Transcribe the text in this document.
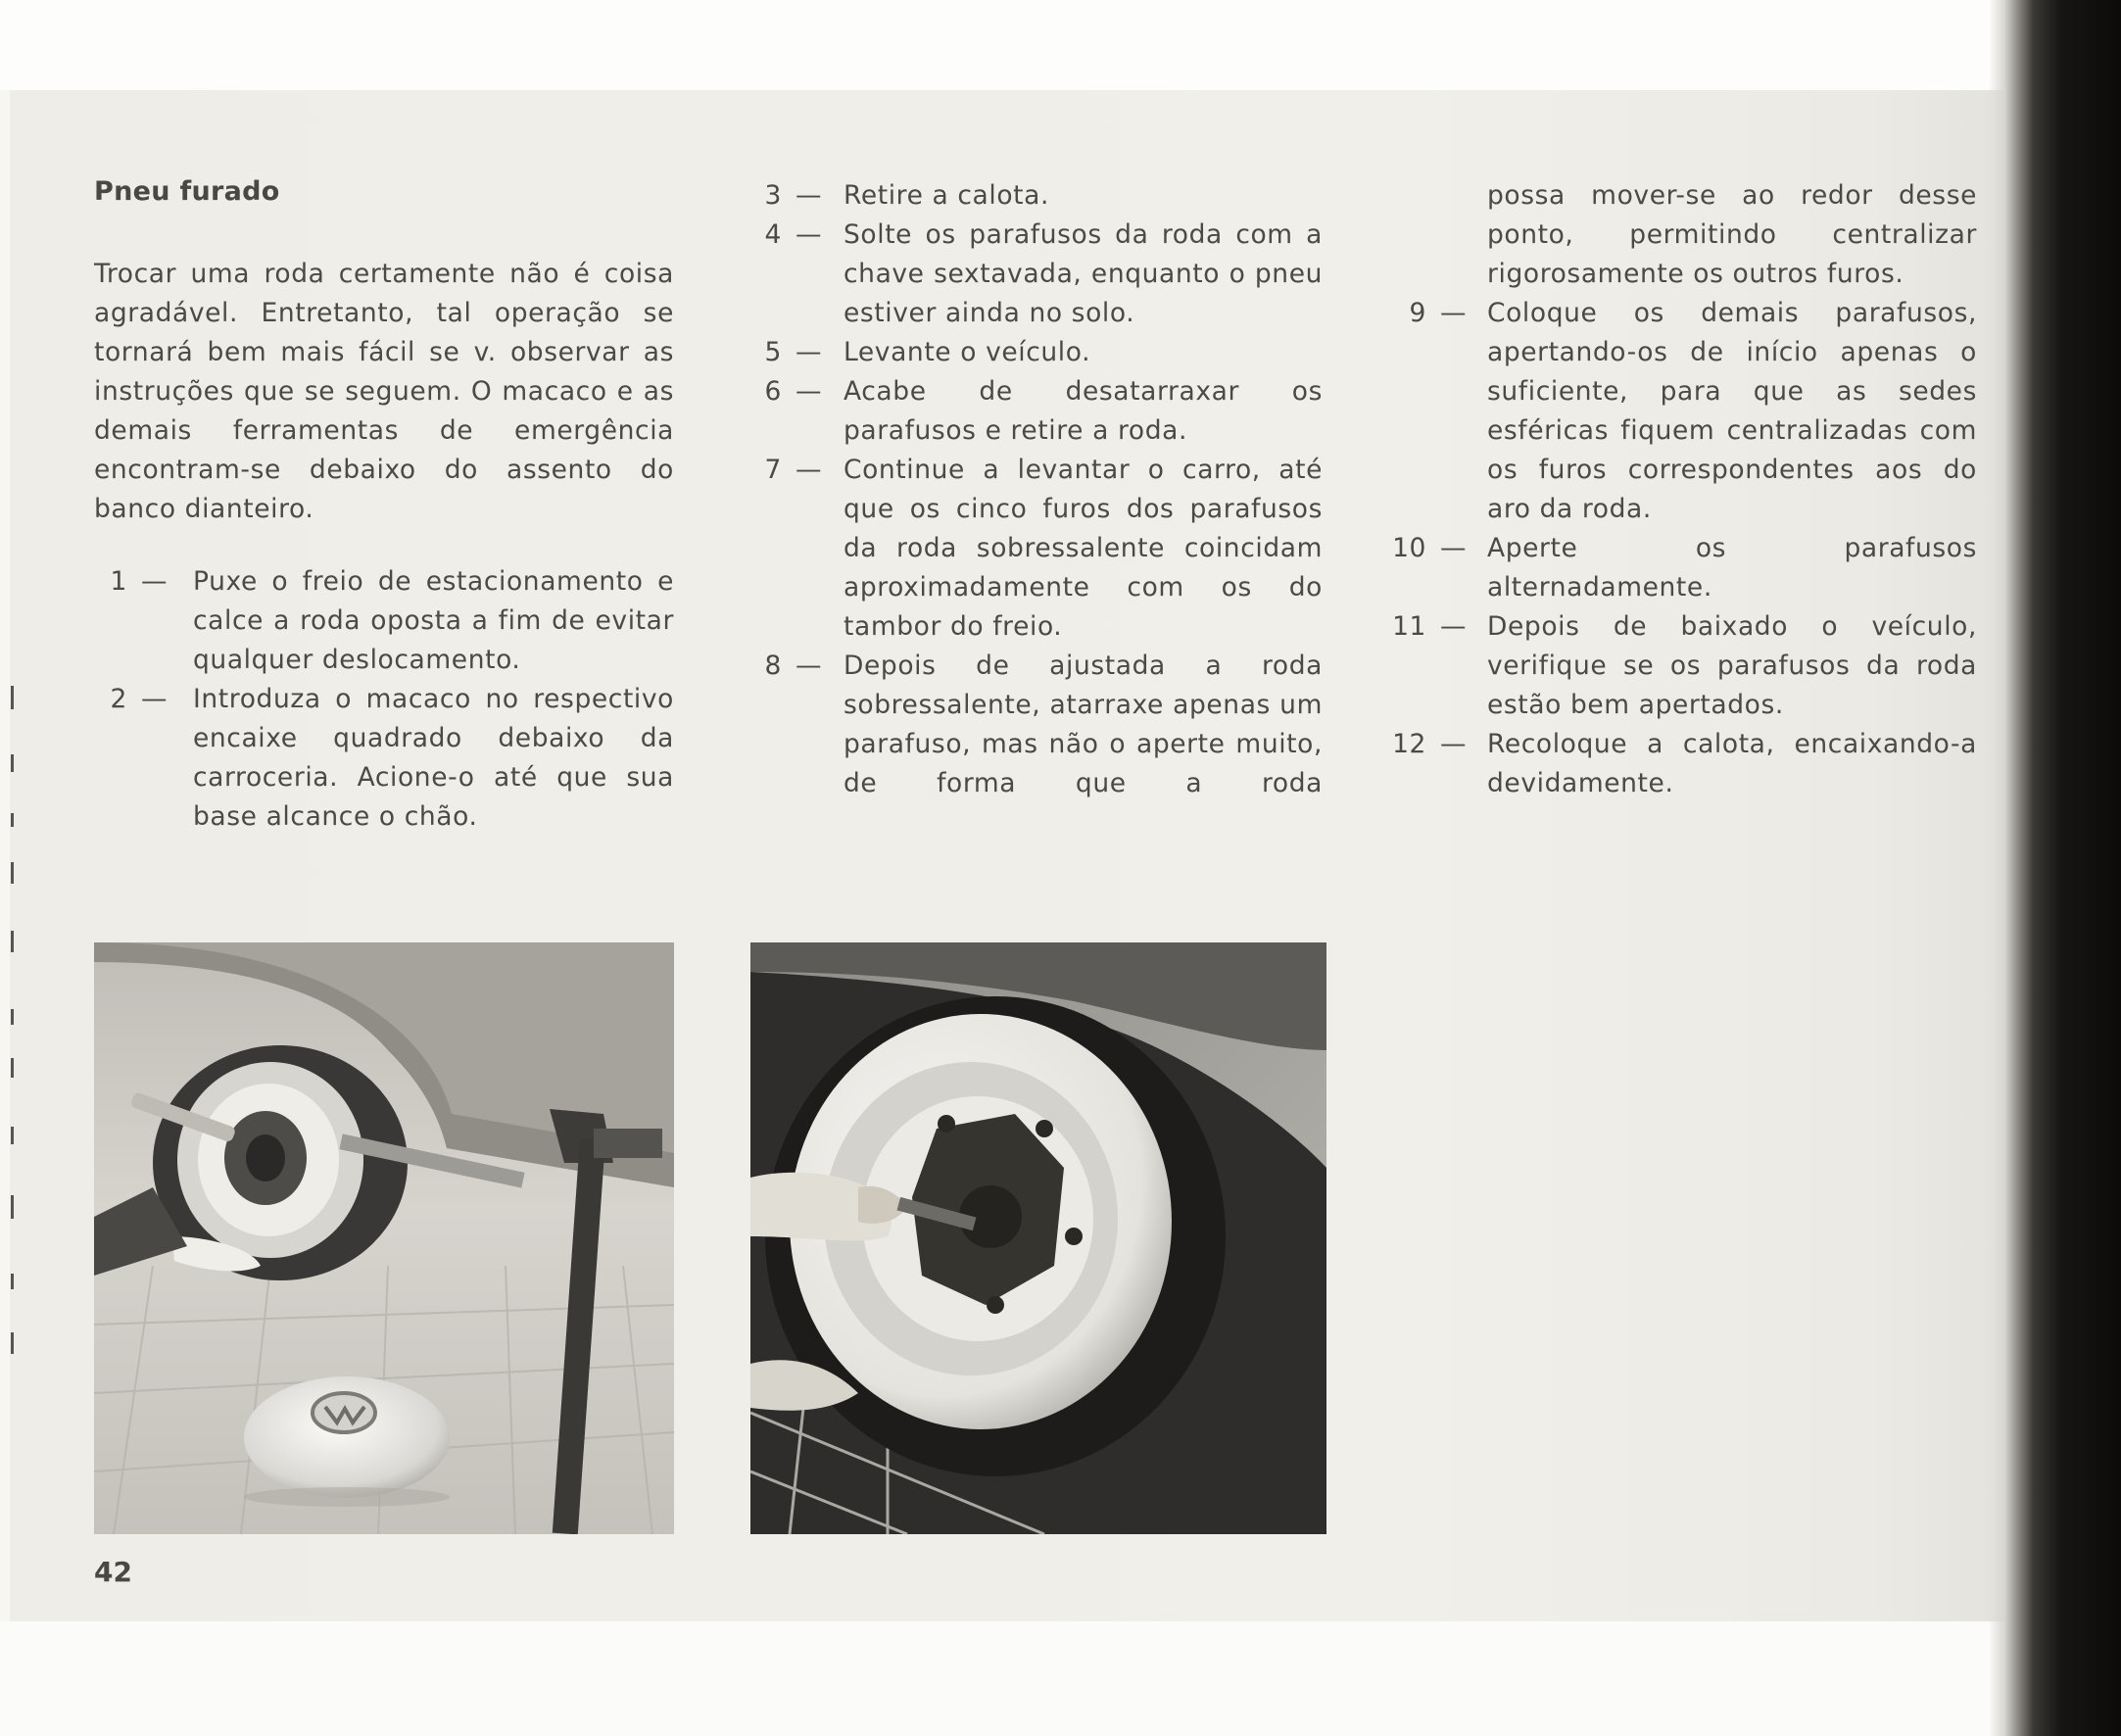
Pneu furado
Trocar uma roda certamente não é coisa agradável. Entretanto, tal operação se tornará bem mais fácil se v. observar as instruções que se seguem. O macaco e as demais ferramentas de emergência encontram-se debaixo do assento do banco dianteiro.
1 — Puxe o freio de estacionamento e calce a roda oposta a fim de evitar qualquer deslocamento.
2 — Introduza o macaco no respectivo encaixe quadrado debaixo da carroceria. Acione-o até que sua base alcance o chão.
3 — Retire a calota.
4 — Solte os parafusos da roda com a chave sextavada, enquanto o pneu estiver ainda no solo.
5 — Levante o veículo.
6 — Acabe de desatarraxar os parafusos e retire a roda.
7 — Continue a levantar o carro, até que os cinco furos dos parafusos da roda sobressalente coincidam aproximadamente com os do tambor do freio.
8 — Depois de ajustada a roda sobressalente, atarraxe apenas um parafuso, mas não o aperte muito, de forma que a roda
possa mover-se ao redor desse ponto, permitindo centralizar rigorosamente os outros furos.
9 — Coloque os demais parafusos, apertando-os de início apenas o suficiente, para que as sedes esféricas fiquem centralizadas com os furos correspondentes aos do aro da roda.
10 — Aperte os parafusos alternadamente.
11 — Depois de baixado o veículo, verifique se os parafusos da roda estão bem apertados.
12 — Recoloque a calota, encaixando-a devidamente.
42
